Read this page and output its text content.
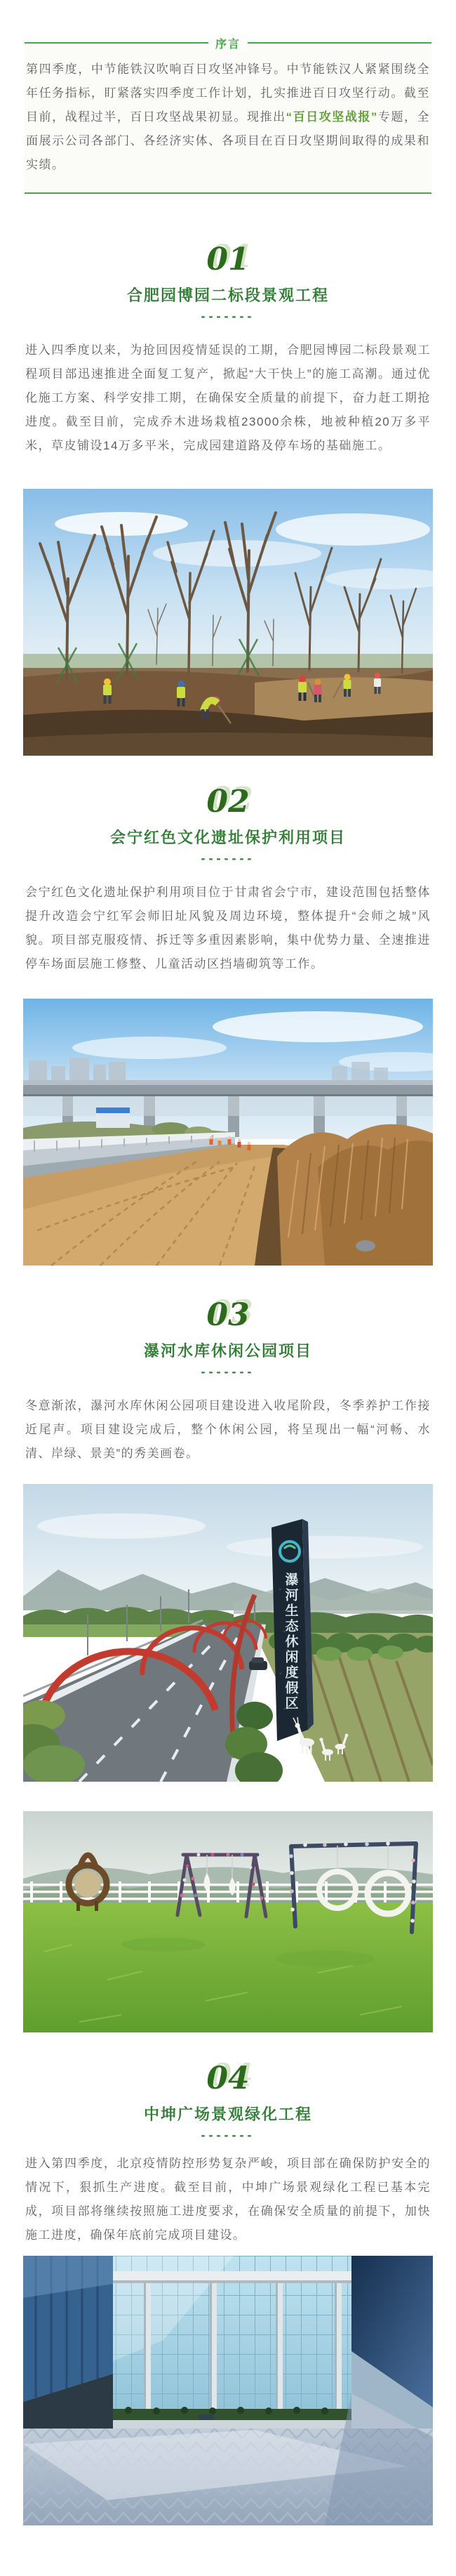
序言

第四季度，中节能铁汉吹响百日攻坚冲锋号。中节能铁汉人紧紧围绕全年任务指标，盯紧落实四季度工作计划，扎实推进百日攻坚行动。截至目前，战程过半，百日攻坚战果初显。现推出“百日攻坚战报”专题，全面展示公司各部门、各经济实体、各项目在百日攻坚期间取得的成果和实绩。

01
合肥园博园二标段景观工程
-------

进入四季度以来，为抢回因疫情延误的工期，合肥园博园二标段景观工程项目部迅速推进全面复工复产，掀起“大干快上”的施工高潮。通过优化施工方案、科学安排工期，在确保安全质量的前提下，奋力赶工期抢进度。截至目前，完成乔木进场栽植23000余株，地被种植20万多平米，草皮铺设14万多平米，完成园建道路及停车场的基础施工。

02
会宁红色文化遗址保护利用项目
-------

会宁红色文化遗址保护利用项目位于甘肃省会宁市，建设范围包括整体提升改造会宁红军会师旧址风貌及周边环境，整体提升“会师之城”风貌。项目部克服疫情、拆迁等多重因素影响，集中优势力量、全速推进停车场面层施工修整、儿童活动区挡墙砌筑等工作。

03
瀑河水库休闲公园项目
-------

冬意渐浓，瀑河水库休闲公园项目建设进入收尾阶段，冬季养护工作接近尾声。项目建设完成后，整个休闲公园，将呈现出一幅“河畅、水清、岸绿、景美”的秀美画卷。

瀑河生态休闲度假区
04
中坤广场景观绿化工程
-------

进入第四季度，北京疫情防控形势复杂严峻，项目部在确保防护安全的情况下，狠抓生产进度。截至目前，中坤广场景观绿化工程已基本完成，项目部将继续按照施工进度要求，在确保安全质量的前提下，加快施工进度，确保年底前完成项目建设。
